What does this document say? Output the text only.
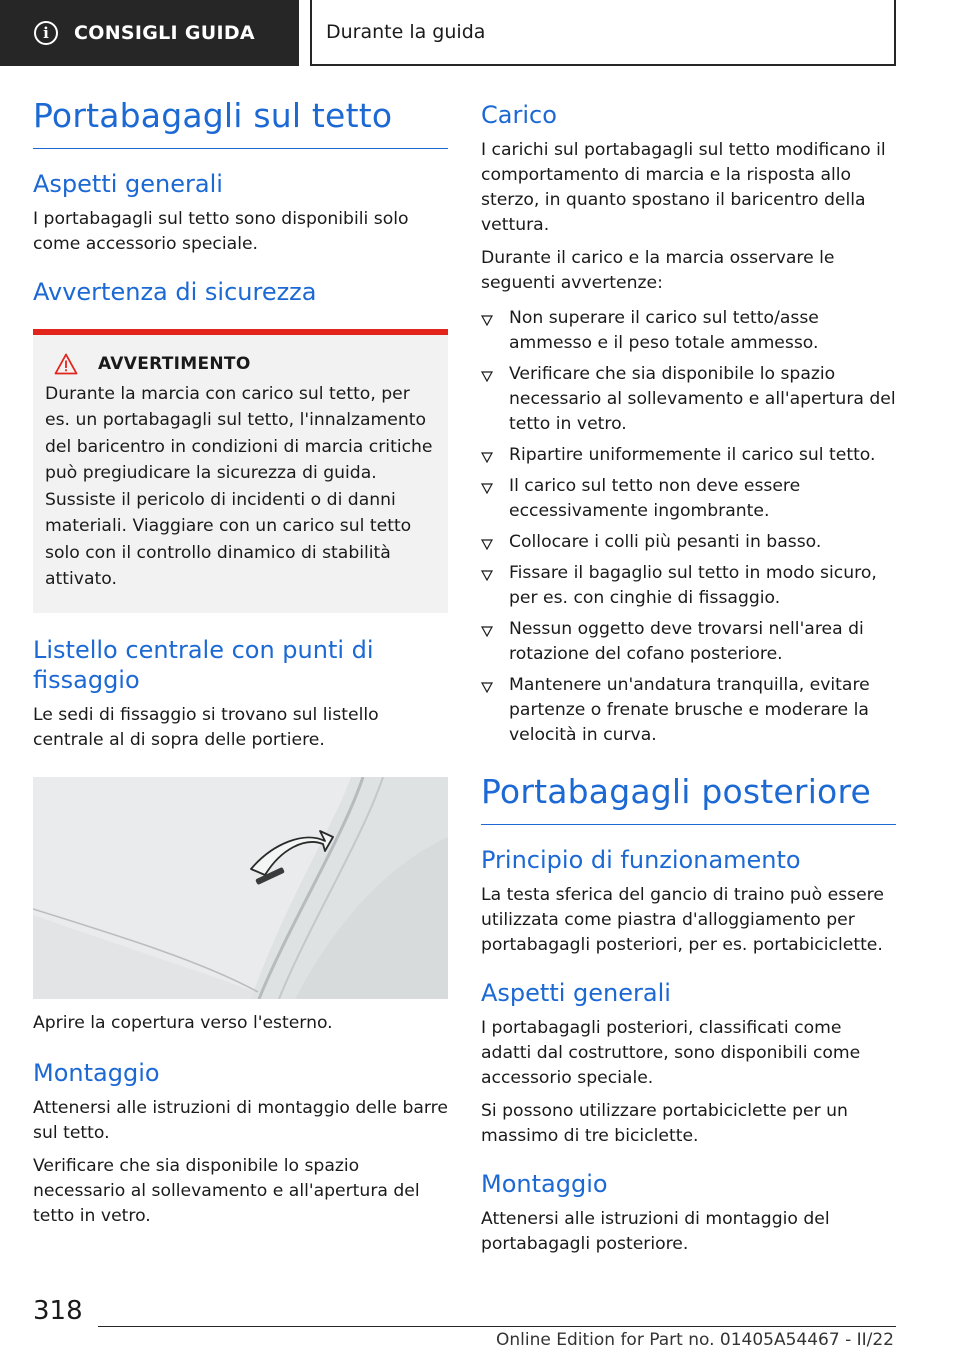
i	CONSIGLI GUIDA	Durante la guida
Portabagagli sul tetto
Aspetti generali

I portabagagli sul tetto sono disponibili solo come accessorio speciale.

Avvertenza di sicurezza
AVVERTIMENTO

Durante la marcia con carico sul tetto, per es. un portabagagli sul tetto, l'innalzamento del baricentro in condizioni di marcia critiche può pregiudicare la sicurezza di guida. Sussiste il pericolo di incidenti o di danni materiali. Viaggiare con un carico sul tetto solo con il controllo dinamico di stabilità attivato.

Listello centrale con punti di fissaggio

Le sedi di fissaggio si trovano sul listello centrale al di sopra delle portiere.

Aprire la copertura verso l'esterno.

Montaggio

Attenersi alle istruzioni di montaggio delle barre sul tetto.

Verificare che sia disponibile lo spazio necessario al sollevamento e all'apertura del tetto in vetro.

Carico

I carichi sul portabagagli sul tetto modificano il comportamento di marcia e la risposta allo sterzo, in quanto spostano il baricentro della vettura.

Durante il carico e la marcia osservare le seguenti avvertenze:

Non superare il carico sul tetto/asse ammesso e il peso totale ammesso.
Verificare che sia disponibile lo spazio necessario al sollevamento e all'apertura del tetto in vetro.
Ripartire uniformemente il carico sul tetto.
Il carico sul tetto non deve essere eccessivamente ingombrante.
Collocare i colli più pesanti in basso.
Fissare il bagaglio sul tetto in modo sicuro, per es. con cinghie di fissaggio.
Nessun oggetto deve trovarsi nell'area di rotazione del cofano posteriore.
Mantenere un'andatura tranquilla, evitare partenze o frenate brusche e moderare la velocità in curva.
Portabagagli posteriore
Principio di funzionamento

La testa sferica del gancio di traino può essere utilizzata come piastra d'alloggiamento per portabagagli posteriori, per es. portabiciclette.

Aspetti generali

I portabagagli posteriori, classificati come adatti dal costruttore, sono disponibili come accessorio speciale.

Si possono utilizzare portabiciclette per un massimo di tre biciclette.

Montaggio

Attenersi alle istruzioni di montaggio del portabagagli posteriore.

318
Online Edition for Part no. 01405A54467 - II/22
